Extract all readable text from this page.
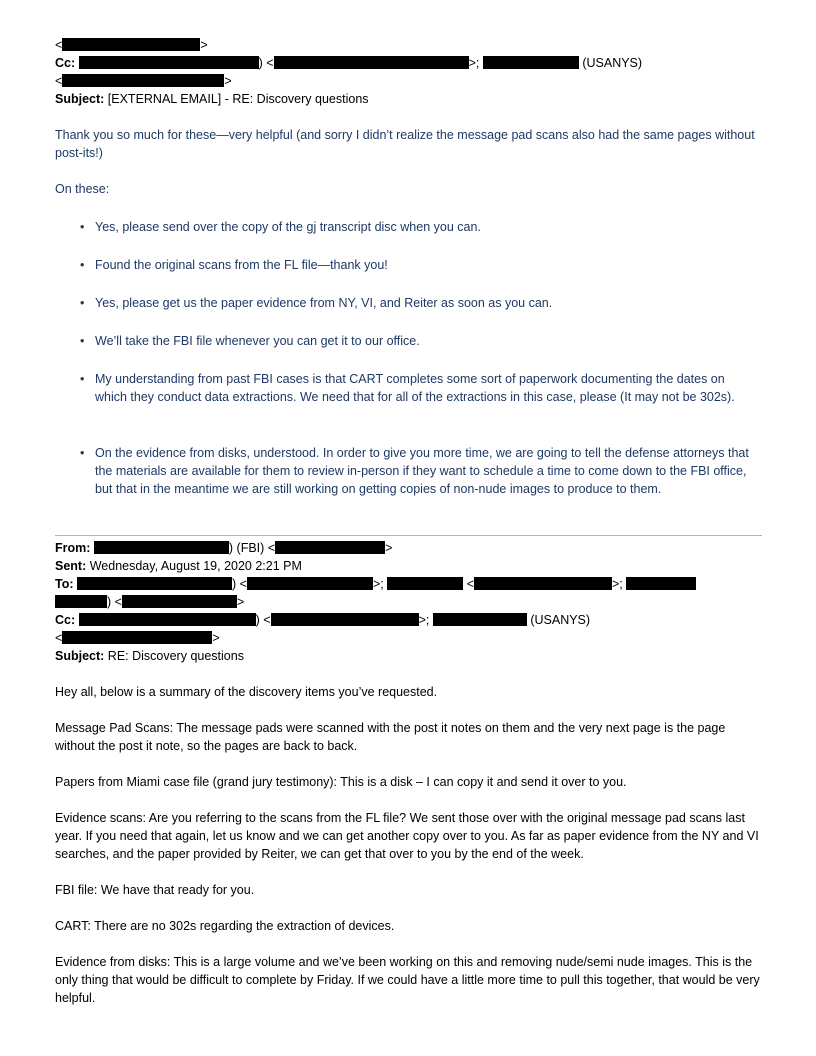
<	>
Cc:	) <	>;	(USANYS)
<	>
Subject: [EXTERNAL EMAIL] - RE: Discovery questions
Thank you so much for these—very helpful (and sorry I didn’t realize the message pad scans also had the same pages without post-its!)
On these:
• Yes, please send over the copy of the gj transcript disc when you can.
• Found the original scans from the FL file—thank you!
• Yes, please get us the paper evidence from NY, VI, and Reiter as soon as you can.
• We’ll take the FBI file whenever you can get it to our office.
• My understanding from past FBI cases is that CART completes some sort of paperwork documenting the dates on which they conduct data extractions. We need that for all of the extractions in this case, please (It may not be 302s).
• On the evidence from disks, understood. In order to give you more time, we are going to tell the defense attorneys that the materials are available for them to review in-person if they want to schedule a time to come down to the FBI office, but that in the meantime we are still working on getting copies of non-nude images to produce to them.
From:	) (FBI) <	>
Sent: Wednesday, August 19, 2020 2:21 PM
To:	) <	>;	<	>;
) <	>
Cc:	) <	>;	(USANYS)
<	>
Subject: RE: Discovery questions
Hey all, below is a summary of the discovery items you’ve requested.
Message Pad Scans: The message pads were scanned with the post it notes on them and the very next page is the page without the post it note, so the pages are back to back.
Papers from Miami case file (grand jury testimony): This is a disk – I can copy it and send it over to you.
Evidence scans: Are you referring to the scans from the FL file? We sent those over with the original message pad scans last year. If you need that again, let us know and we can get another copy over to you. As far as paper evidence from the NY and VI searches, and the paper provided by Reiter, we can get that over to you by the end of the week.
FBI file: We have that ready for you.
CART: There are no 302s regarding the extraction of devices.
Evidence from disks: This is a large volume and we’ve been working on this and removing nude/semi nude images. This is the only thing that would be difficult to complete by Friday. If we could have a little more time to pull this together, that would be very helpful.
